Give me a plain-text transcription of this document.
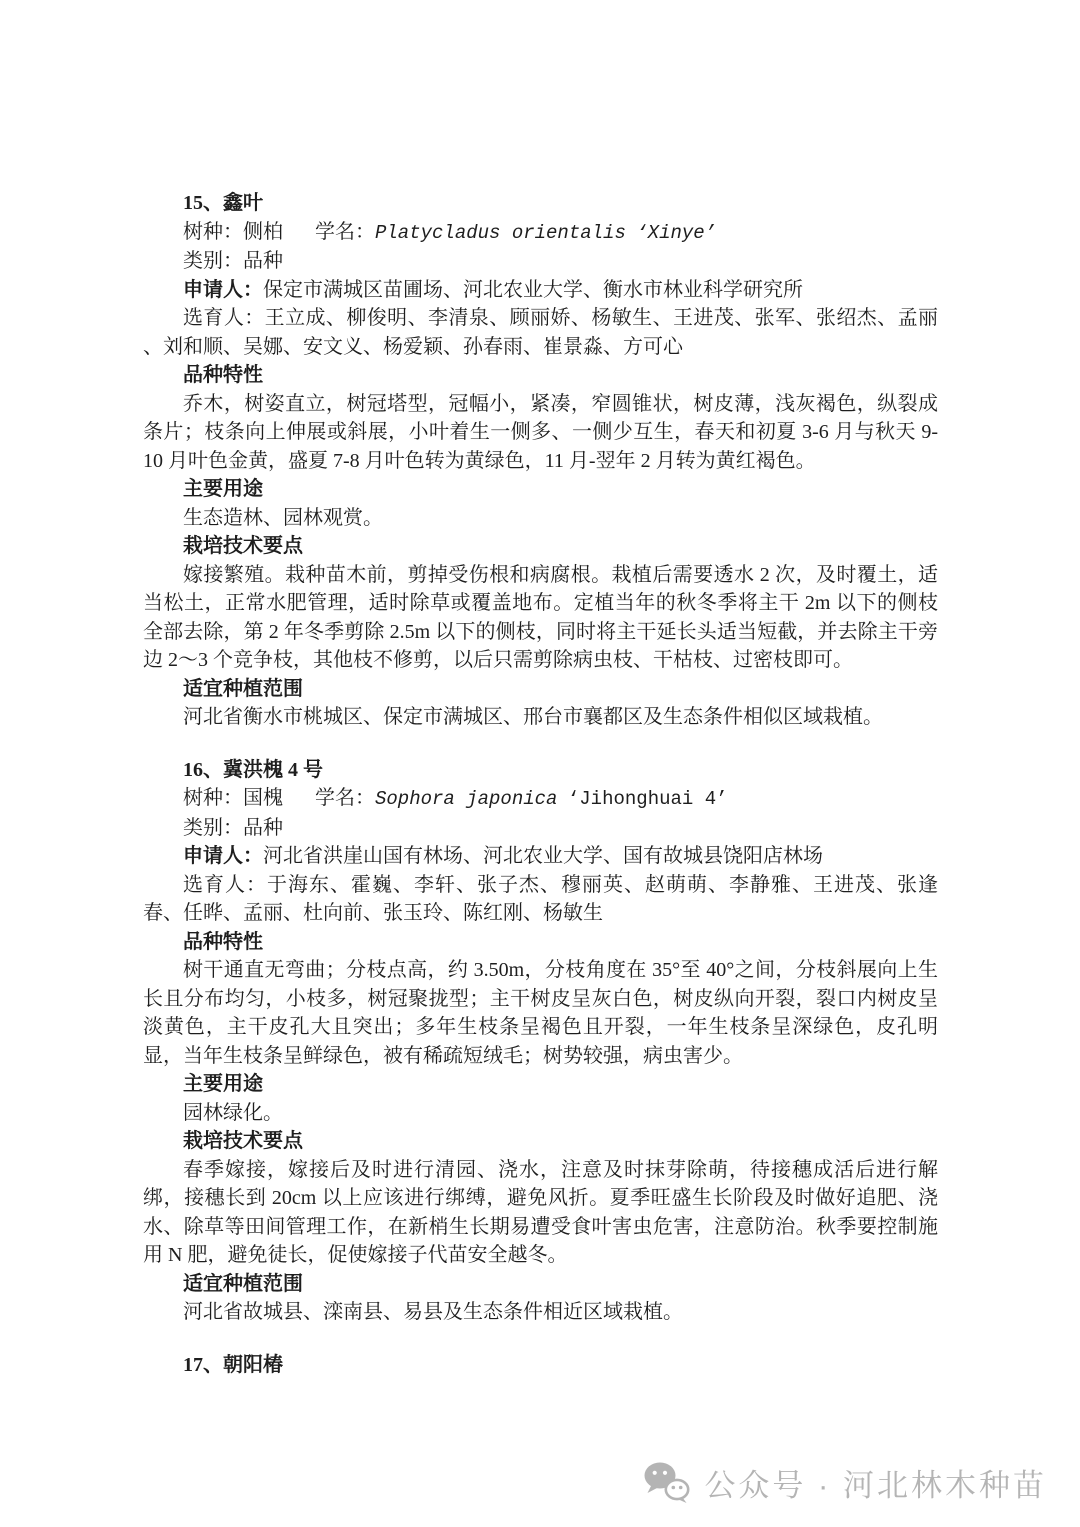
15、鑫叶

树种：侧柏 学名：Platycladus orientalis ‘Xinye’

类别：品种

申请人：保定市满城区苗圃场、河北农业大学、衡水市林业科学研究所

选育人：王立成、柳俊明、李清泉、顾丽娇、杨敏生、王进茂、张军、张绍杰、孟丽 、刘和顺、吴娜、安文义、杨爱颖、孙春雨、崔景淼、方可心

品种特性

乔木，树姿直立，树冠塔型，冠幅小，紧凑，窄圆锥状，树皮薄，浅灰褐色，纵裂成条片；枝条向上伸展或斜展，小叶着生一侧多、一侧少互生，春天和初夏 3-6 月与秋天 9-10 月叶色金黄，盛夏 7-8 月叶色转为黄绿色，11 月-翌年 2 月转为黄红褐色。

主要用途

生态造林、园林观赏。

栽培技术要点

嫁接繁殖。栽种苗木前，剪掉受伤根和病腐根。栽植后需要透水 2 次，及时覆土，适当松土，正常水肥管理，适时除草或覆盖地布。定植当年的秋冬季将主干 2m 以下的侧枝全部去除，第 2 年冬季剪除 2.5m 以下的侧枝，同时将主干延长头适当短截，并去除主干旁边 2～3 个竞争枝，其他枝不修剪，以后只需剪除病虫枝、干枯枝、过密枝即可。

适宜种植范围

河北省衡水市桃城区、保定市满城区、邢台市襄都区及生态条件相似区域栽植。

16、冀洪槐 4 号

树种：国槐 学名：Sophora japonica ‘Jihonghuai 4’

类别：品种

申请人：河北省洪崖山国有林场、河北农业大学、国有故城县饶阳店林场

选育人：于海东、霍巍、李轩、张子杰、穆丽英、赵萌萌、李静雅、王进茂、张逢春、任晔、孟丽、杜向前、张玉玲、陈红刚、杨敏生

品种特性

树干通直无弯曲；分枝点高，约 3.50m，分枝角度在 35°至 40°之间，分枝斜展向上生长且分布均匀，小枝多，树冠聚拢型；主干树皮呈灰白色，树皮纵向开裂，裂口内树皮呈淡黄色，主干皮孔大且突出；多年生枝条呈褐色且开裂，一年生枝条呈深绿色，皮孔明显，当年生枝条呈鲜绿色，被有稀疏短绒毛；树势较强，病虫害少。

主要用途

园林绿化。

栽培技术要点

春季嫁接，嫁接后及时进行清园、浇水，注意及时抹芽除萌，待接穗成活后进行解绑，接穗长到 20cm 以上应该进行绑缚，避免风折。夏季旺盛生长阶段及时做好追肥、浇水、除草等田间管理工作，在新梢生长期易遭受食叶害虫危害，注意防治。秋季要控制施用 N 肥，避免徒长，促使嫁接子代苗安全越冬。

适宜种植范围

河北省故城县、滦南县、易县及生态条件相近区域栽植。

17、朝阳椿

公众号 · 河北林木种苗
